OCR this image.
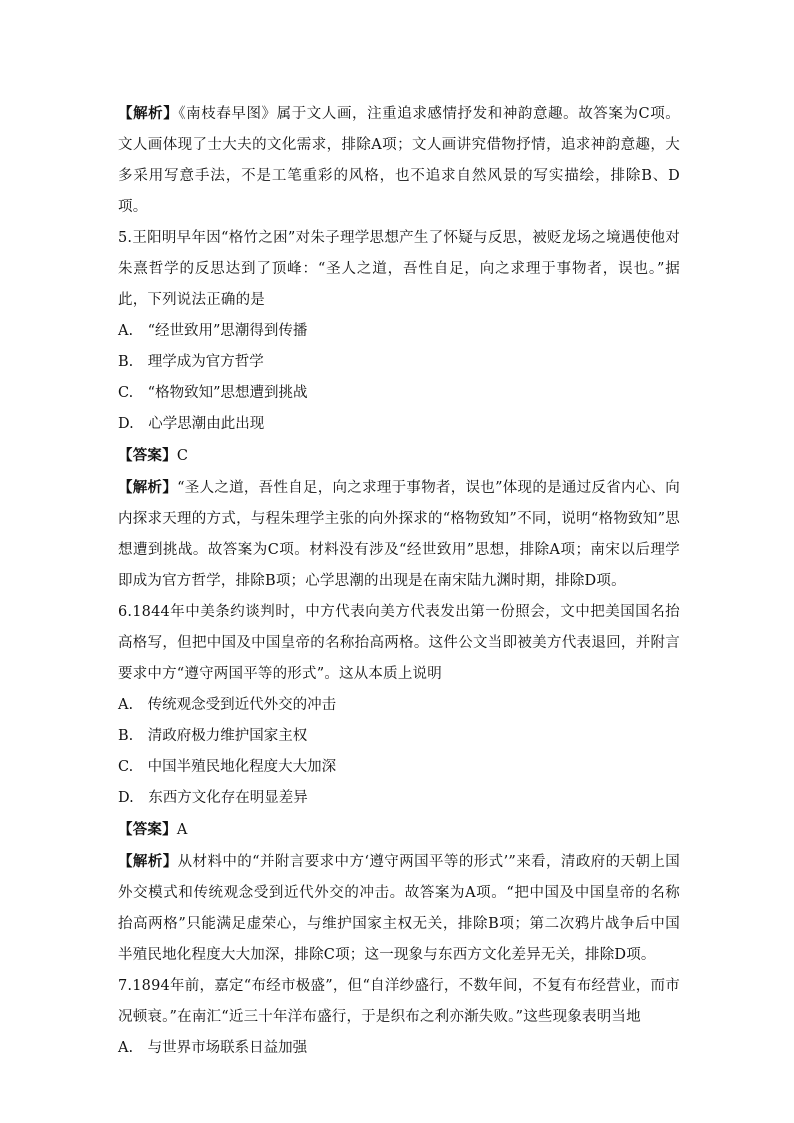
【解析】《南枝春早图》属于文人画，注重追求感情抒发和神韵意趣。故答案为C项。文人画体现了士大夫的文化需求，排除A项；文人画讲究借物抒情，追求神韵意趣，大多采用写意手法，不是工笔重彩的风格，也不追求自然风景的写实描绘，排除B、D项。

5.王阳明早年因“格竹之困”对朱子理学思想产生了怀疑与反思，被贬龙场之境遇使他对朱熹哲学的反思达到了顶峰：“圣人之道，吾性自足，向之求理于事物者，误也。”据此，下列说法正确的是

A.　“经世致用”思潮得到传播

B.　理学成为官方哲学

C.　“格物致知”思想遭到挑战

D.　心学思潮由此出现

【答案】C

【解析】“圣人之道，吾性自足，向之求理于事物者，误也”体现的是通过反省内心、向内探求天理的方式，与程朱理学主张的向外探求的“格物致知”不同，说明“格物致知”思想遭到挑战。故答案为C项。材料没有涉及“经世致用”思想，排除A项；南宋以后理学即成为官方哲学，排除B项；心学思潮的出现是在南宋陆九渊时期，排除D项。

6.1844年中美条约谈判时，中方代表向美方代表发出第一份照会，文中把美国国名抬高格写，但把中国及中国皇帝的名称抬高两格。这件公文当即被美方代表退回，并附言要求中方“遵守两国平等的形式”。这从本质上说明

A.　传统观念受到近代外交的冲击

B.　清政府极力维护国家主权

C.　中国半殖民地化程度大大加深

D.　东西方文化存在明显差异

【答案】A

【解析】从材料中的“并附言要求中方‘遵守两国平等的形式’”来看，清政府的天朝上国外交模式和传统观念受到近代外交的冲击。故答案为A项。“把中国及中国皇帝的名称抬高两格”只能满足虚荣心，与维护国家主权无关，排除B项；第二次鸦片战争后中国半殖民地化程度大大加深，排除C项；这一现象与东西方文化差异无关，排除D项。

7.1894年前，嘉定“布经市极盛”，但“自洋纱盛行，不数年间，不复有布经营业，而市况顿衰。”在南汇“近三十年洋布盛行，于是织布之利亦渐失败。”这些现象表明当地

A.　与世界市场联系日益加强
